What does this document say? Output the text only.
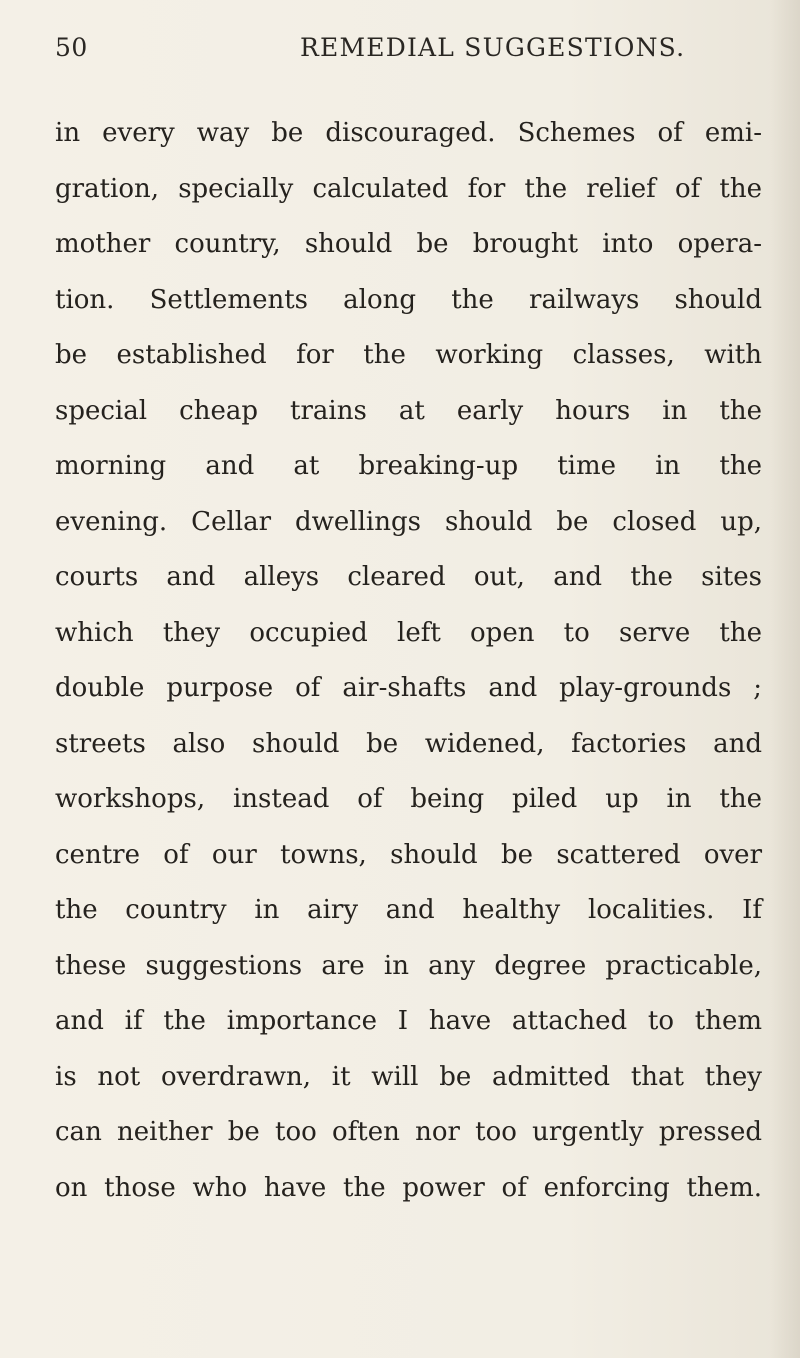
50	REMEDIAL SUGGESTIONS.
in every way be discouraged. Schemes of emi-
gration, specially calculated for the relief of the
mother country, should be brought into opera-
tion. Settlements along the railways should
be established for the working classes, with
special cheap trains at early hours in the
morning and at breaking-up time in the
evening. Cellar dwellings should be closed up,
courts and alleys cleared out, and the sites
which they occupied left open to serve the
double purpose of air-shafts and play-grounds ;
streets also should be widened, factories and
workshops, instead of being piled up in the
centre of our towns, should be scattered over
the country in airy and healthy localities. If
these suggestions are in any degree practicable,
and if the importance I have attached to them
is not overdrawn, it will be admitted that they
can neither be too often nor too urgently pressed
on those who have the power of enforcing them.
